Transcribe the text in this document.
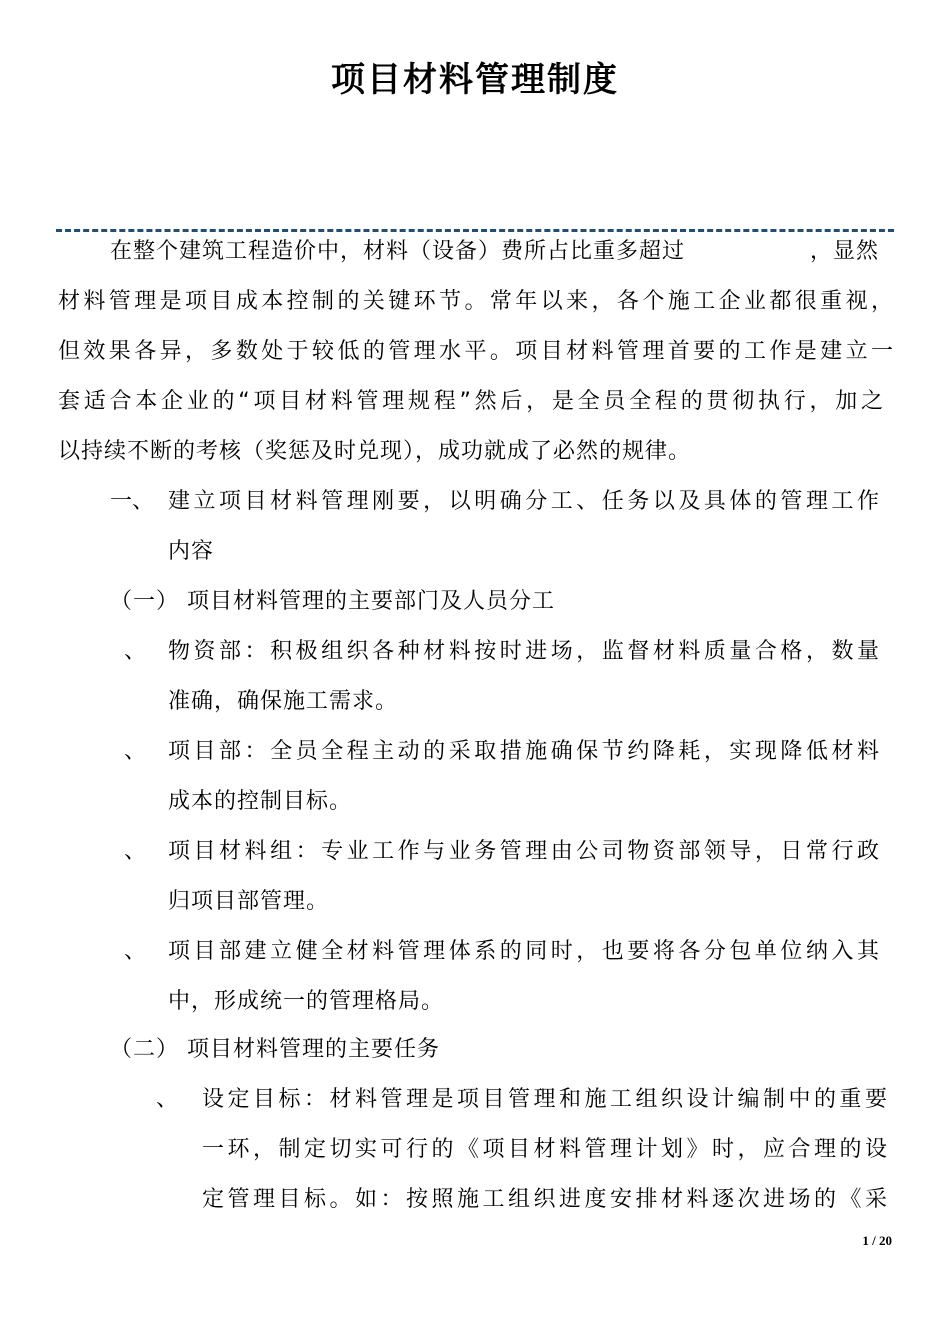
项目材料管理制度
在整个建筑工程造价中，材料（设备）费所占比重多超过	，显然
材料管理是项目成本控制的关键环节。常年以来，各个施工企业都很重视，
但效果各异，多数处于较低的管理水平。项目材料管理首要的工作是建立一
套适合本企业的“项目材料管理规程”然后，是全员全程的贯彻执行，加之
以持续不断的考核（奖惩及时兑现），成功就成了必然的规律。
一、 建立项目材料管理刚要，以明确分工、任务以及具体的管理工作
内容
（一） 项目材料管理的主要部门及人员分工
、 物资部：积极组织各种材料按时进场，监督材料质量合格，数量
准确，确保施工需求。
、 项目部：全员全程主动的采取措施确保节约降耗，实现降低材料
成本的控制目标。
、 项目材料组：专业工作与业务管理由公司物资部领导，日常行政
归项目部管理。
、 项目部建立健全材料管理体系的同时，也要将各分包单位纳入其
中，形成统一的管理格局。
（二） 项目材料管理的主要任务
、 设定目标：材料管理是项目管理和施工组织设计编制中的重要
一环，制定切实可行的《项目材料管理计划》时，应合理的设
定管理目标。如：按照施工组织进度安排材料逐次进场的《采
1 / 20
